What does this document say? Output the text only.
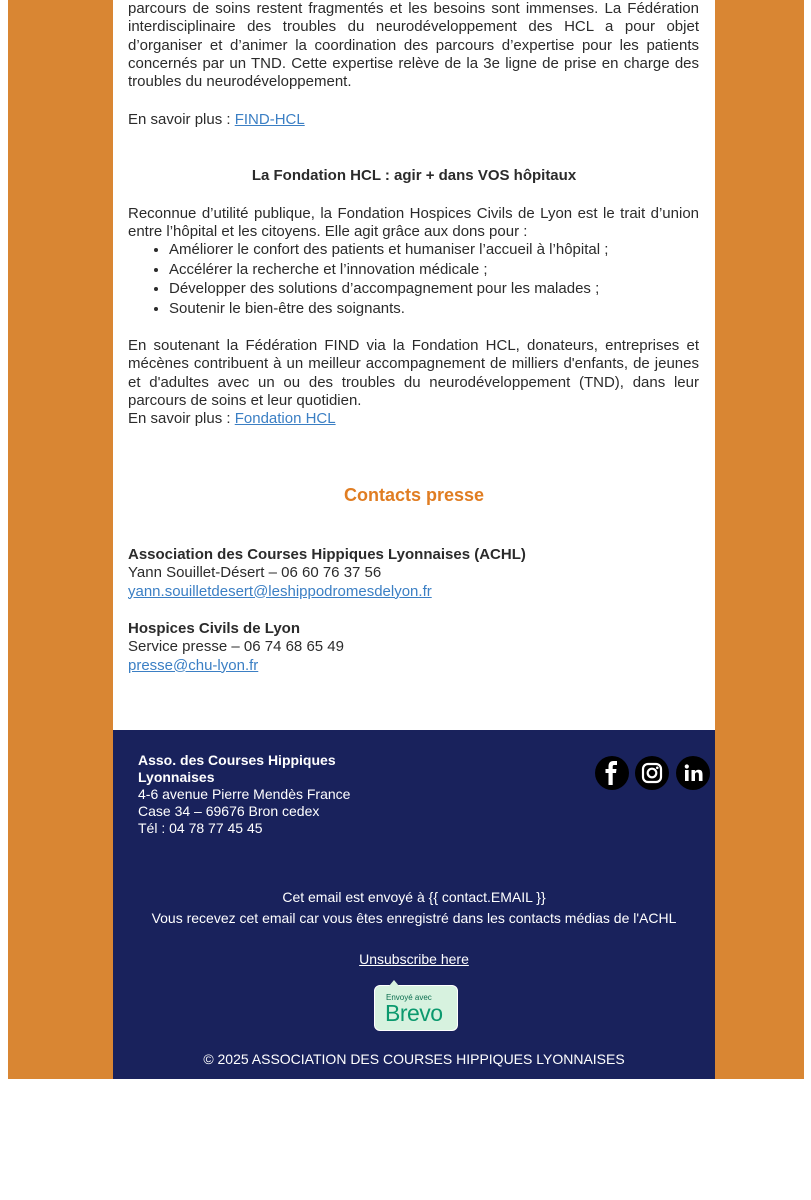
parcours de soins restent fragmentés et les besoins sont immenses. La Fédération interdisciplinaire des troubles du neurodéveloppement des HCL a pour objet d’organiser et d’animer la coordination des parcours d’expertise pour les patients concernés par un TND. Cette expertise relève de la 3e ligne de prise en charge des troubles du neurodéveloppement.

En savoir plus : FIND-HCL
La Fondation HCL : agir + dans VOS hôpitaux

Reconnue d’utilité publique, la Fondation Hospices Civils de Lyon est le trait d’union entre l’hôpital et les citoyens. Elle agit grâce aux dons pour :

• Améliorer le confort des patients et humaniser l’accueil à l’hôpital ;
• Accélérer la recherche et l’innovation médicale ;
• Développer des solutions d’accompagnement pour les malades ;
• Soutenir le bien-être des soignants.

En soutenant la Fédération FIND via la Fondation HCL, donateurs, entreprises et mécènes contribuent à un meilleur accompagnement de milliers d'enfants, de jeunes et d'adultes avec un ou des troubles du neurodéveloppement (TND), dans leur parcours de soins et leur quotidien.

En savoir plus : Fondation HCL
Contacts presse
Association des Courses Hippiques Lyonnaises (ACHL)
Yann Souillet-Désert – 06 60 76 37 56
yann.souilletdesert@leshippodromesdelyon.fr
Hospices Civils de Lyon
Service presse – 06 74 68 65 49
presse@chu-lyon.fr
Asso. des Courses Hippiques
Lyonnaises
4-6 avenue Pierre Mendès France
Case 34 – 69676 Bron cedex
Tél : 04 78 77 45 45
Cet email est envoyé à {{ contact.EMAIL }}
Vous recevez cet email car vous êtes enregistré dans les contacts médias de l'ACHL
Unsubscribe here
Envoyé avec
Brevo
© 2025 ASSOCIATION DES COURSES HIPPIQUES LYONNAISES
